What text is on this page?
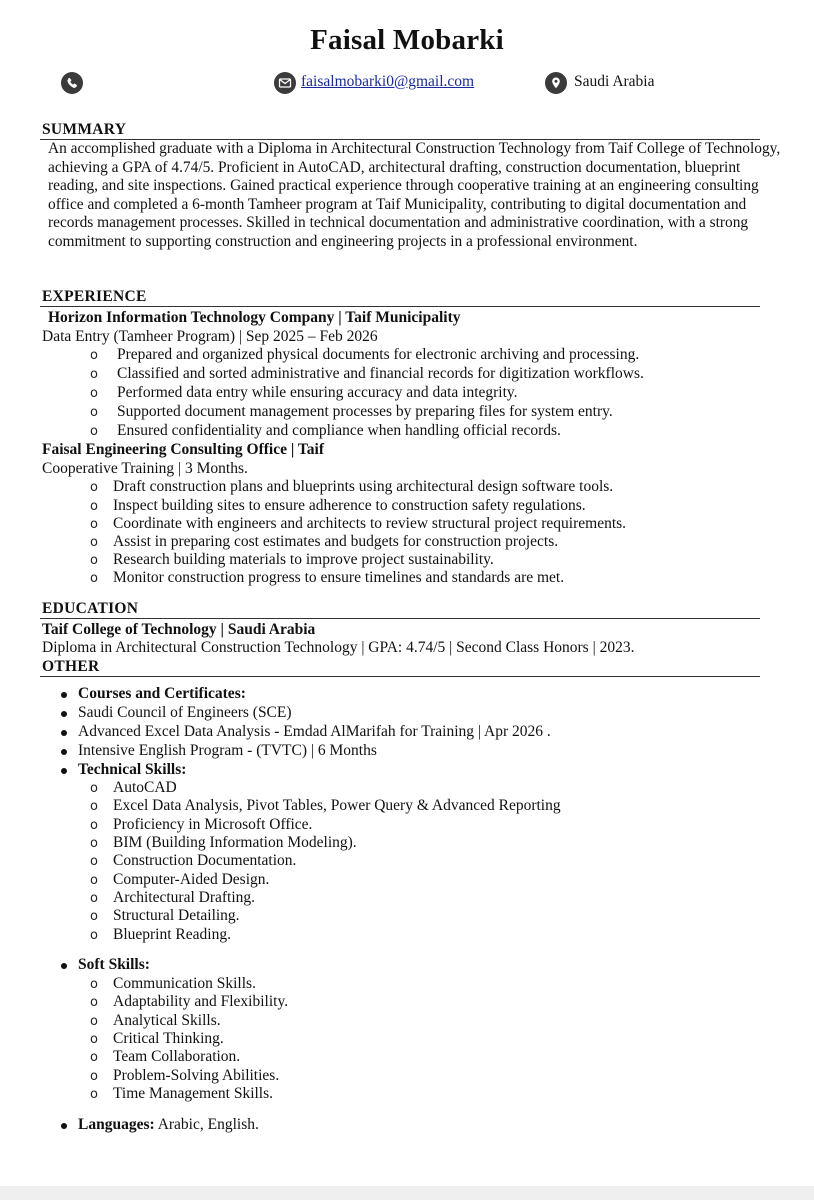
Faisal Mobarki
faisalmobarki0@gmail.com	Saudi Arabia
SUMMARY

An accomplished graduate with a Diploma in Architectural Construction Technology from Taif College of Technology, achieving a GPA of 4.74/5. Proficient in AutoCAD, architectural drafting, construction documentation, blueprint reading, and site inspections. Gained practical experience through cooperative training at an engineering consulting office and completed a 6-month Tamheer program at Taif Municipality, contributing to digital documentation and records management processes. Skilled in technical documentation and administrative coordination, with a strong commitment to supporting construction and engineering projects in a professional environment.

EXPERIENCE
Horizon Information Technology Company | Taif Municipality
Data Entry (Tamheer Program) | Sep 2025 – Feb 2026
o Prepared and organized physical documents for electronic archiving and processing.
o Classified and sorted administrative and financial records for digitization workflows.
o Performed data entry while ensuring accuracy and data integrity.
o Supported document management processes by preparing files for system entry.
o Ensured confidentiality and compliance when handling official records.
Faisal Engineering Consulting Office | Taif
Cooperative Training | 3 Months.
o Draft construction plans and blueprints using architectural design software tools.
o Inspect building sites to ensure adherence to construction safety regulations.
o Coordinate with engineers and architects to review structural project requirements.
o Assist in preparing cost estimates and budgets for construction projects.
o Research building materials to improve project sustainability.
o Monitor construction progress to ensure timelines and standards are met.
EDUCATION
Taif College of Technology | Saudi Arabia
Diploma in Architectural Construction Technology | GPA: 4.74/5 | Second Class Honors | 2023.
OTHER
Courses and Certificates:
Saudi Council of Engineers (SCE)
Advanced Excel Data Analysis - Emdad AlMarifah for Training | Apr 2026 .
Intensive English Program - (TVTC) | 6 Months
Technical Skills:
o AutoCAD
o Excel Data Analysis, Pivot Tables, Power Query & Advanced Reporting
o Proficiency in Microsoft Office.
o BIM (Building Information Modeling).
o Construction Documentation.
o Computer-Aided Design.
o Architectural Drafting.
o Structural Detailing.
o Blueprint Reading.
Soft Skills:
o Communication Skills.
o Adaptability and Flexibility.
o Analytical Skills.
o Critical Thinking.
o Team Collaboration.
o Problem-Solving Abilities.
o Time Management Skills.
Languages: Arabic, English.
